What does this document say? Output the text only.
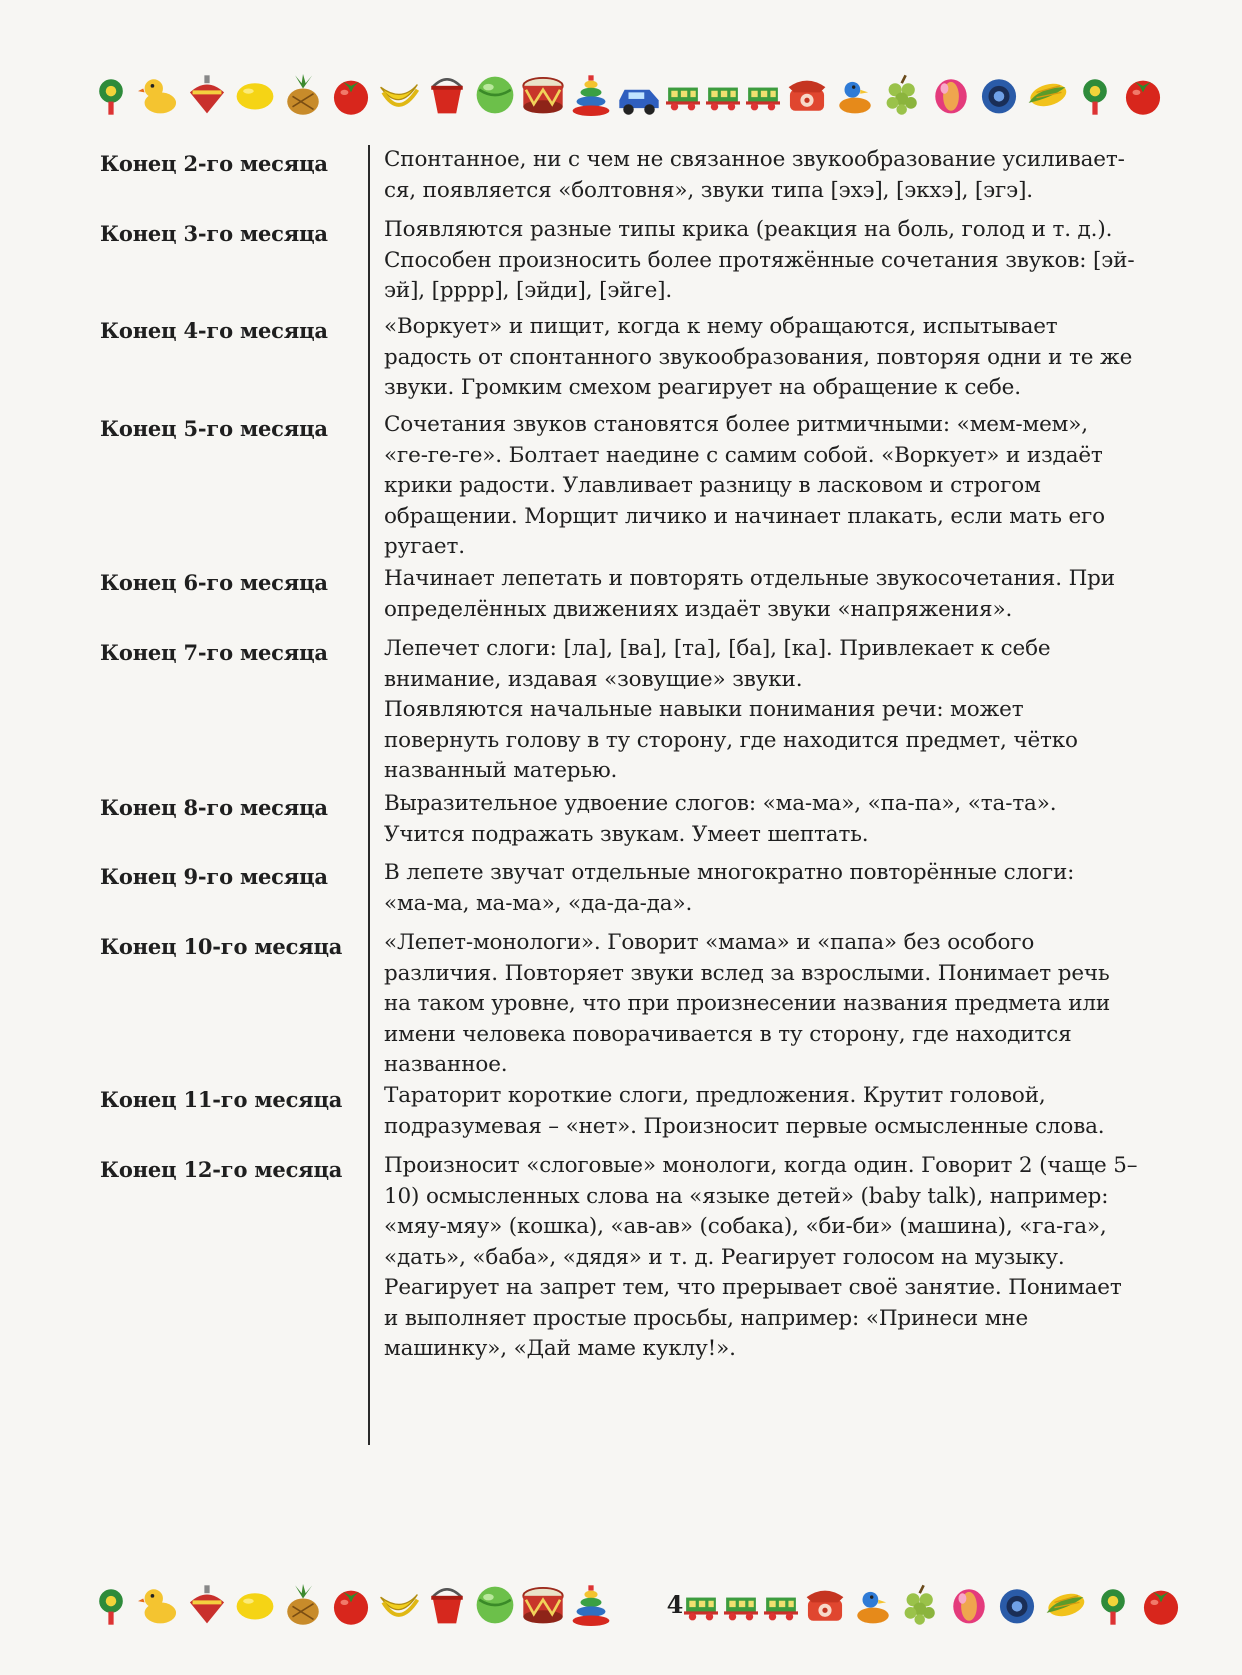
Конец 2-го месяца	Спонтанное, ни с чем не связанное звукообразование усиливает-

ся, появляется «болтовня», звуки типа [эхэ], [экхэ], [эгэ].

Конец 3-го месяца	Появляются разные типы крика (реакция на боль, голод и т. д.).

Способен произносить более протяжённые сочетания звуков: [эй-

эй], [рррр], [эйди], [эйге].

Конец 4-го месяца	«Воркует» и пищит, когда к нему обращаются, испытывает

радость от спонтанного звукообразования, повторяя одни и те же

звуки. Громким смехом реагирует на обращение к себе.

Конец 5-го месяца	Сочетания звуков становятся более ритмичными: «мем-мем»,

«ге-ге-ге». Болтает наедине с самим собой. «Воркует» и издаёт

крики радости. Улавливает разницу в ласковом и строгом

обращении. Морщит личико и начинает плакать, если мать его

ругает.

Конец 6-го месяца	Начинает лепетать и повторять отдельные звукосочетания. При

определённых движениях издаёт звуки «напряжения».

Конец 7-го месяца	Лепечет слоги: [ла], [ва], [та], [ба], [ка]. Привлекает к себе

внимание, издавая «зовущие» звуки.

Появляются начальные навыки понимания речи: может

повернуть голову в ту сторону, где находится предмет, чётко

названный матерью.

Конец 8-го месяца	Выразительное удвоение слогов: «ма-ма», «па-па», «та-та».

Учится подражать звукам. Умеет шептать.

Конец 9-го месяца	В лепете звучат отдельные многократно повторённые слоги:

«ма-ма, ма-ма», «да-да-да».

Конец 10-го месяца	«Лепет-монологи». Говорит «мама» и «папа» без особого

различия. Повторяет звуки вслед за взрослыми. Понимает речь

на таком уровне, что при произнесении названия предмета или

имени человека поворачивается в ту сторону, где находится

названное.

Конец 11-го месяца	Тараторит короткие слоги, предложения. Крутит головой,

подразумевая – «нет». Произносит первые осмысленные слова.

Конец 12-го месяца	Произносит «слоговые» монологи, когда один. Говорит 2 (чаще 5–

10) осмысленных слова на «языке детей» (baby talk), например:

«мяу-мяу» (кошка), «ав-ав» (собака), «би-би» (машина), «га-га»,

«дать», «баба», «дядя» и т. д. Реагирует голосом на музыку.

Реагирует на запрет тем, что прерывает своё занятие. Понимает

и выполняет простые просьбы, например: «Принеси мне

машинку», «Дай маме куклу!».

4
